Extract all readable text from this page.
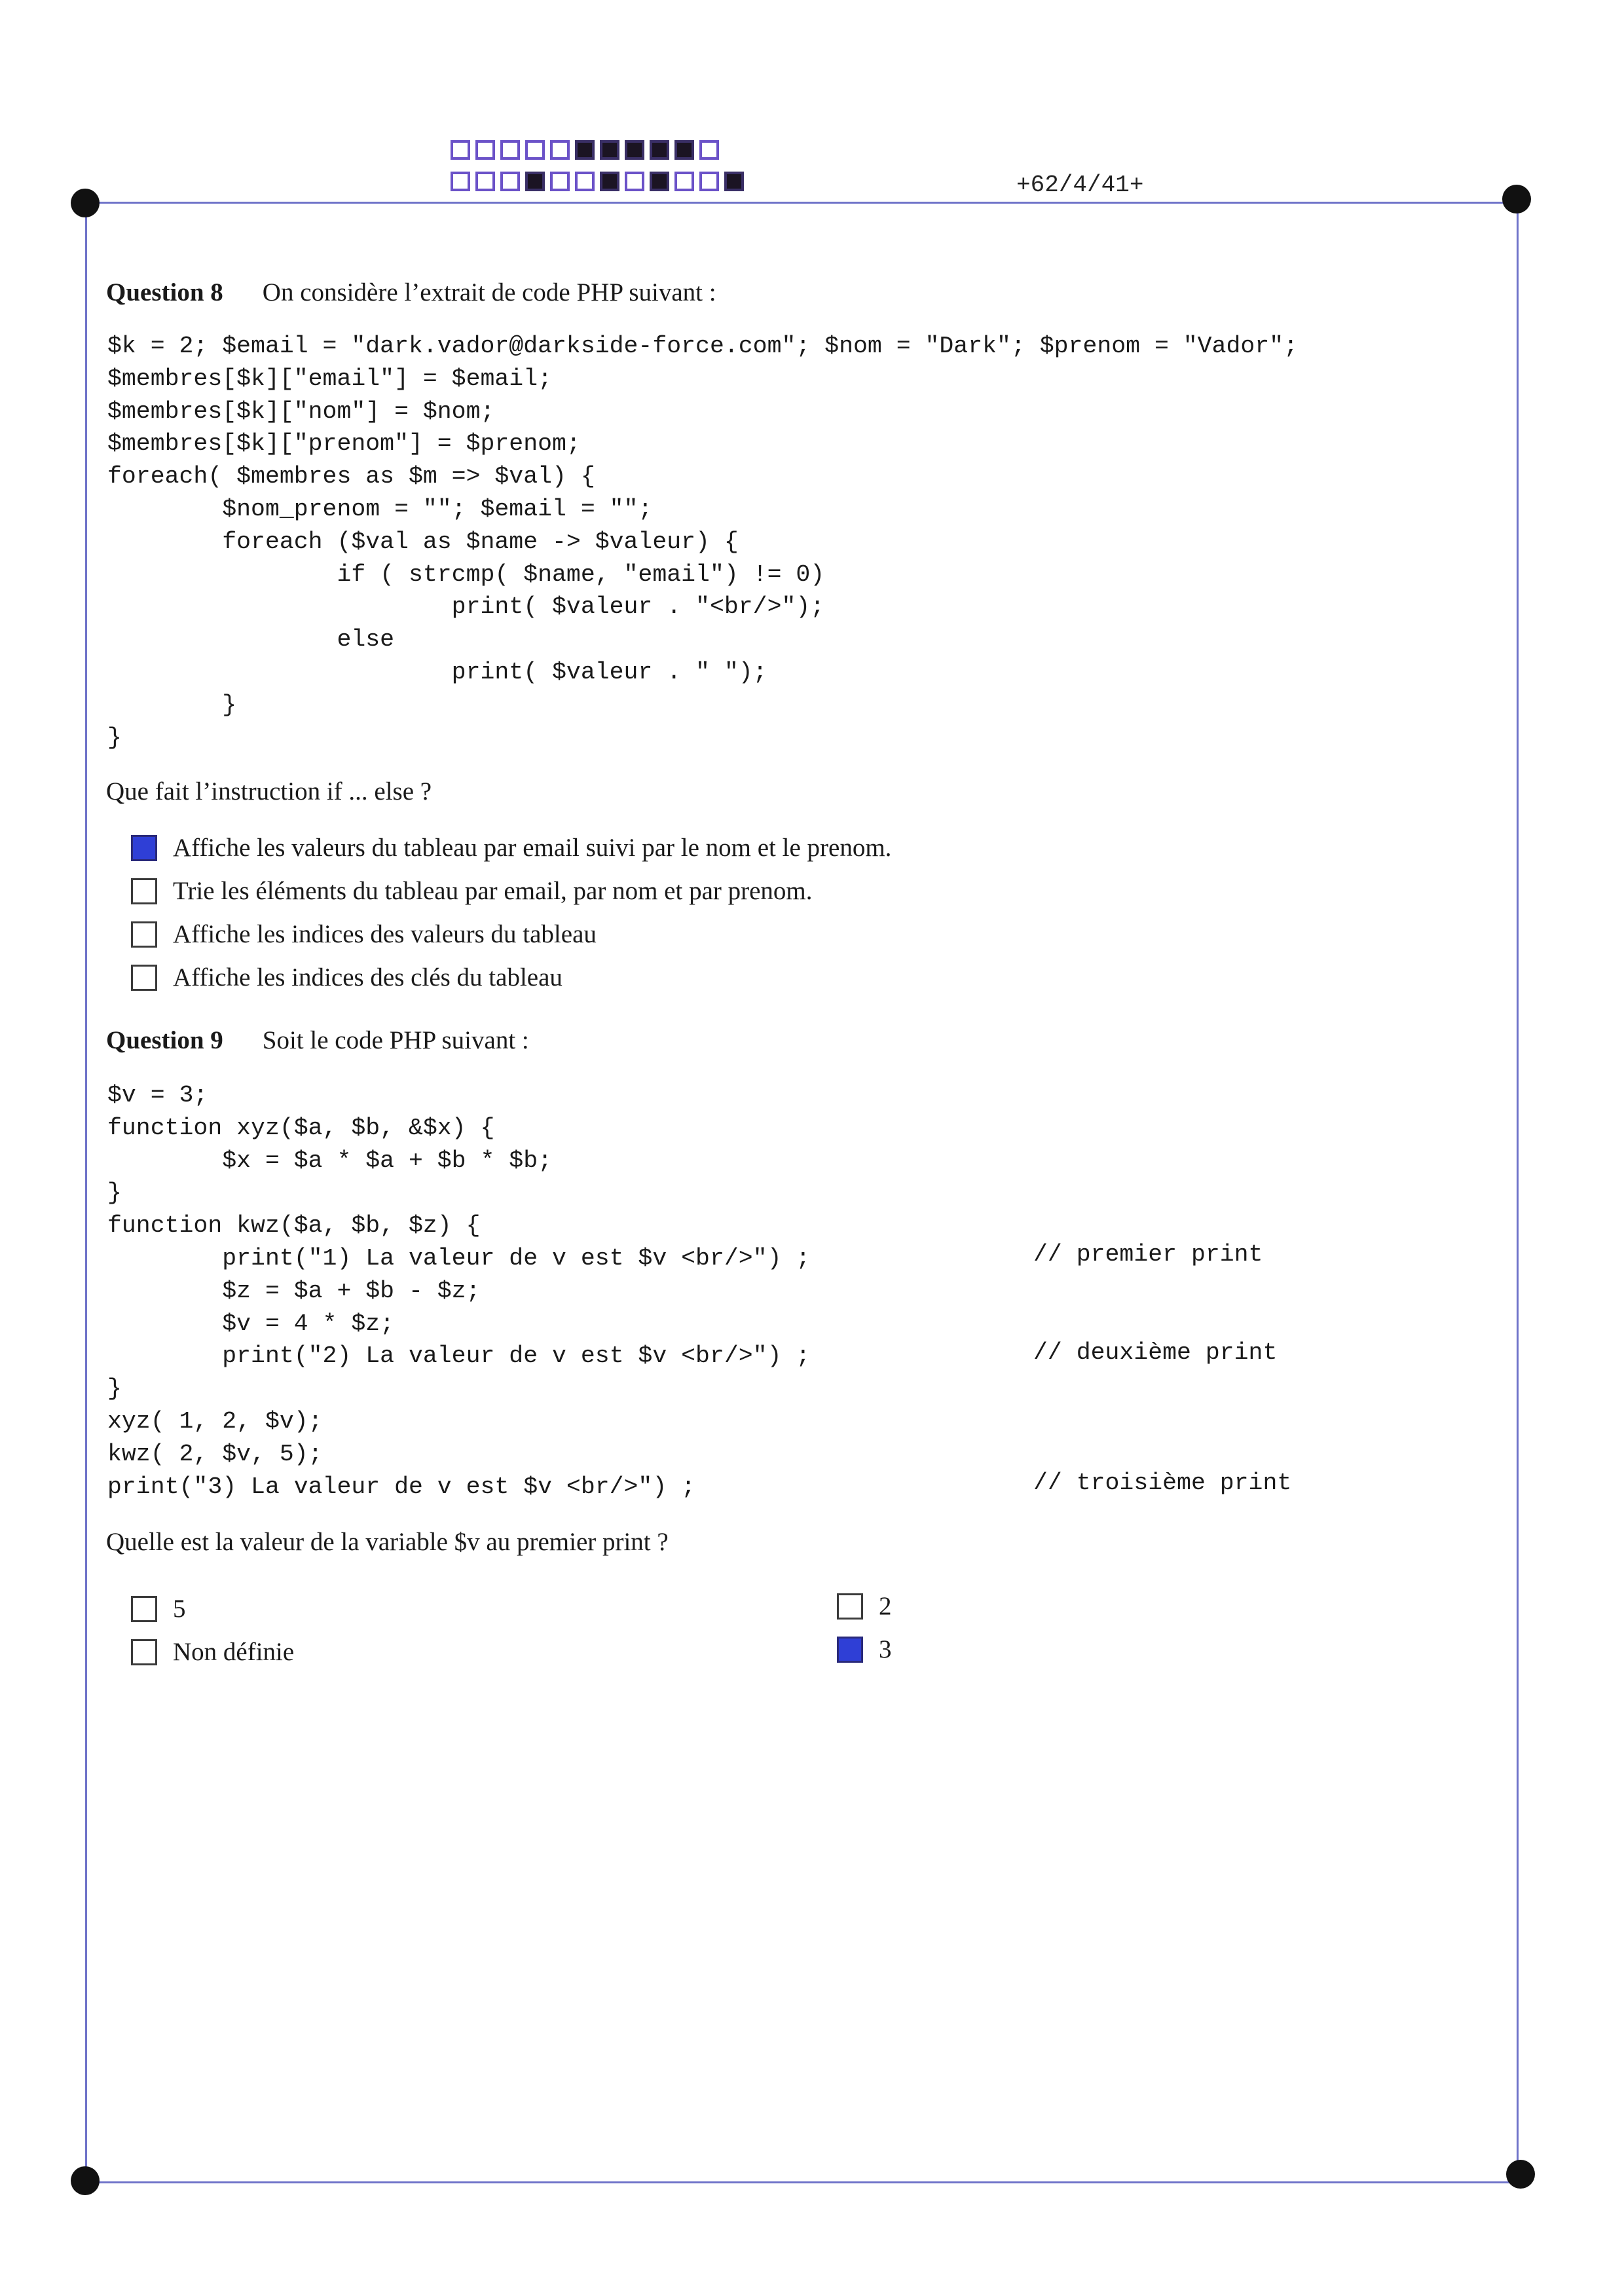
+62/4/41+
Question 8 On considère l’extrait de code PHP suivant :
$k = 2; $email = "dark.vador@darkside-force.com"; $nom = "Dark"; $prenom = "Vador";
$membres[$k]["email"] = $email;
$membres[$k]["nom"] = $nom;
$membres[$k]["prenom"] = $prenom;
foreach( $membres as $m => $val) {
$nom_prenom = ""; $email = "";
foreach ($val as $name -> $valeur) {
if ( strcmp( $name, "email") != 0)
print( $valeur . "<br/>");
else
print( $valeur . " ");
}
}
Que fait l’instruction if ... else ?
Affiche les valeurs du tableau par email suivi par le nom et le prenom.
Trie les éléments du tableau par email, par nom et par prenom.
Affiche les indices des valeurs du tableau
Affiche les indices des clés du tableau
Question 9 Soit le code PHP suivant :
$v = 3;
function xyz($a, $b, &$x) {
$x = $a * $a + $b * $b;
}
function kwz($a, $b, $z) {
print("1) La valeur de v est $v <br/>") ;
$z = $a + $b - $z;
$v = 4 * $z;
print("2) La valeur de v est $v <br/>") ;
}
xyz( 1, 2, $v);
kwz( 2, $v, 5);
print("3) La valeur de v est $v <br/>") ;
// premier print
// deuxième print
// troisième print
Quelle est la valeur de la variable $v au premier print ?
5
Non définie
2
3
